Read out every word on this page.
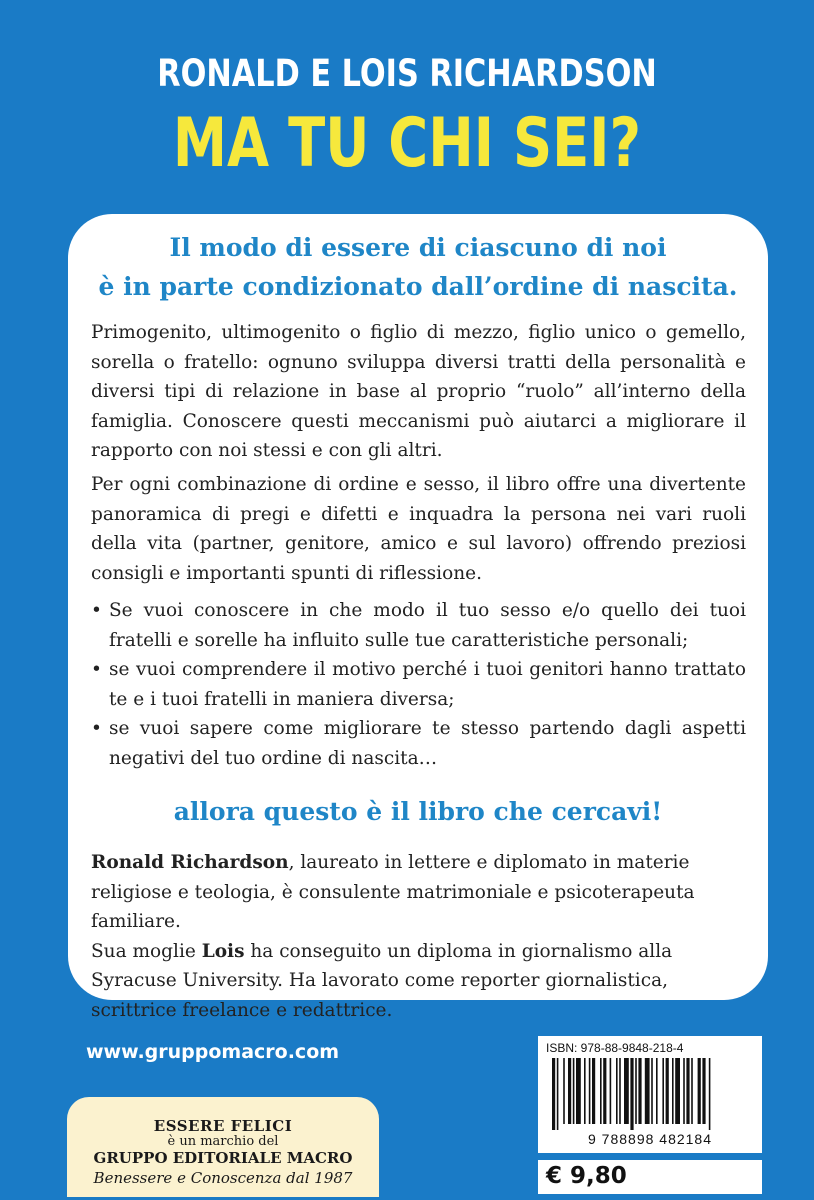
RONALD E LOIS RICHARDSON
MA TU CHI SEI?
Il modo di essere di ciascuno di noi
è in parte condizionato dall’ordine di nascita.
Primogenito, ultimogenito o figlio di mezzo, figlio unico o gemello, sorella o fratello: ognuno sviluppa diversi tratti della personalità e diversi tipi di relazione in base al proprio “ruolo” all’interno della famiglia. Conoscere questi meccanismi può aiutarci a migliorare il rapporto con noi stessi e con gli altri.
Per ogni combinazione di ordine e sesso, il libro offre una divertente panoramica di pregi e difetti e inquadra la persona nei vari ruoli della vita (partner, genitore, amico e sul lavoro) offrendo preziosi consigli e importanti spunti di riflessione.
• Se vuoi conoscere in che modo il tuo sesso e/o quello dei tuoi fratelli e sorelle ha influito sulle tue caratteristiche personali;
• se vuoi comprendere il motivo perché i tuoi genitori hanno trattato te e i tuoi fratelli in maniera diversa;
• se vuoi sapere come migliorare te stesso partendo dagli aspetti negativi del tuo ordine di nascita…
allora questo è il libro che cercavi!
Ronald Richardson, laureato in lettere e diplomato in materie religiose e teologia, è consulente matrimoniale e psicoterapeuta familiare.
Sua moglie Lois ha conseguito un diploma in giornalismo alla Syracuse University. Ha lavorato come reporter giornalistica, scrittrice freelance e redattrice.
www.gruppomacro.com
ESSERE FELICI
è un marchio del
GRUPPO EDITORIALE MACRO
Benessere e Conoscenza dal 1987
ISBN: 978-88-9848-218-4
9 788898 482184
€ 9,80
